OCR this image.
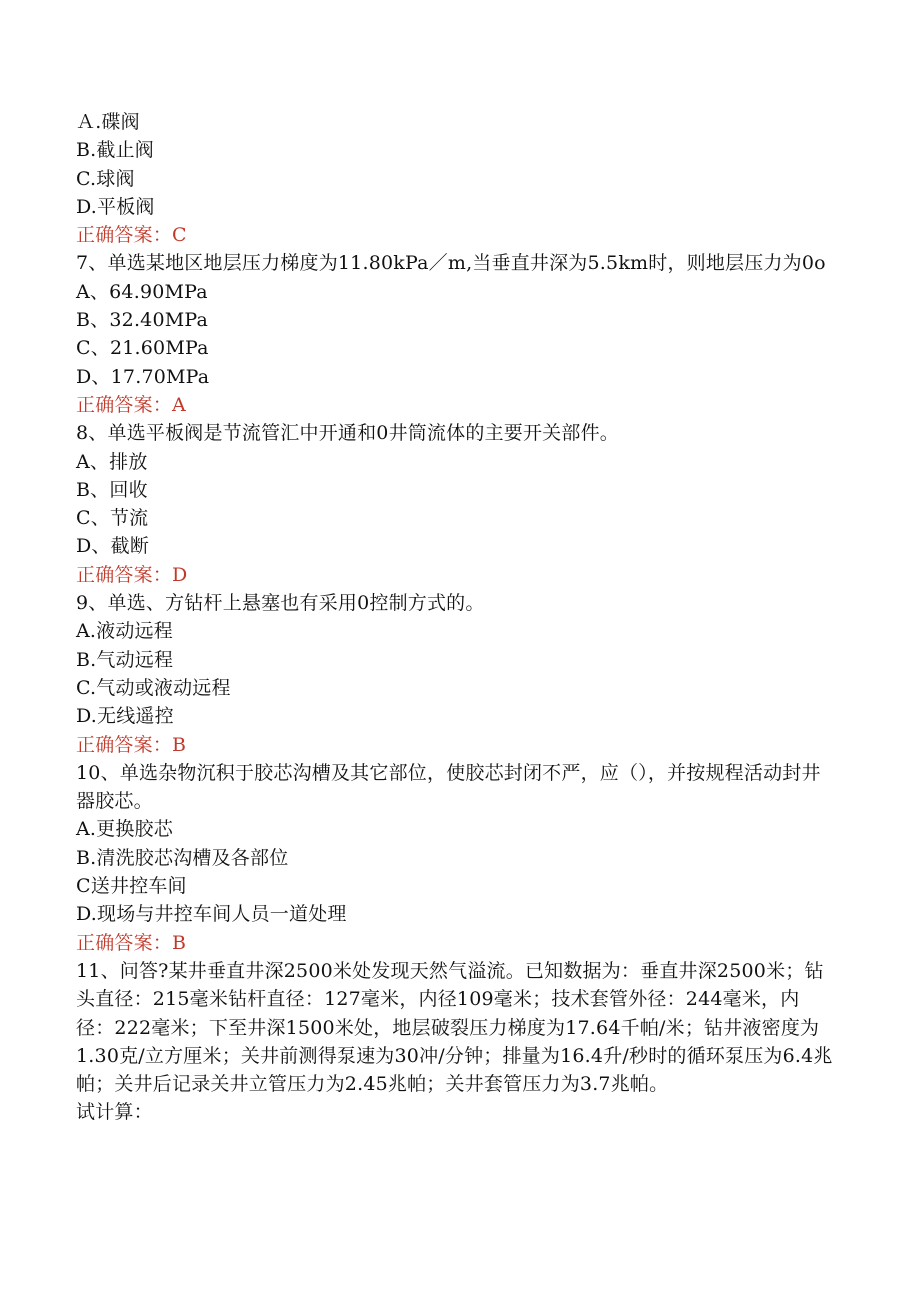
Ａ.碟阀
B.截止阀
C.球阀
D.平板阀
正确答案：C
7、单选某地区地层压力梯度为11.80kPa／m,当垂直井深为5.5km时，则地层压力为0o
A、64.90MPa
B、32.40MPa
C、21.60MPa
D、17.70MPa
正确答案：A
8、单选平板阀是节流管汇中开通和0井筒流体的主要开关部件。
A、排放
B、回收
C、节流
D、截断
正确答案：D
9、单选、方钻杆上悬塞也有采用0控制方式的。
A.液动远程
B.气动远程
C.气动或液动远程
D.无线遥控
正确答案：B
10、单选杂物沉积于胶芯沟槽及其它部位，使胶芯封闭不严，应（），并按规程活动封井器胶芯。
A.更换胶芯
B.清洗胶芯沟槽及各部位
C送井控车间
D.现场与井控车间人员一道处理
正确答案：B
11、问答?某井垂直井深2500米处发现天然气溢流。已知数据为：垂直井深2500米；钻头直径：215毫米钻杆直径：127毫米，内径109毫米；技术套管外径：244毫米，内径：222毫米；下至井深1500米处，地层破裂压力梯度为17.64千帕/米；钻井液密度为1.30克/立方厘米；关井前测得泵速为30冲/分钟；排量为16.4升/秒时的循环泵压为6.4兆帕；关井后记录关井立管压力为2.45兆帕；关井套管压力为3.7兆帕。
试计算：
